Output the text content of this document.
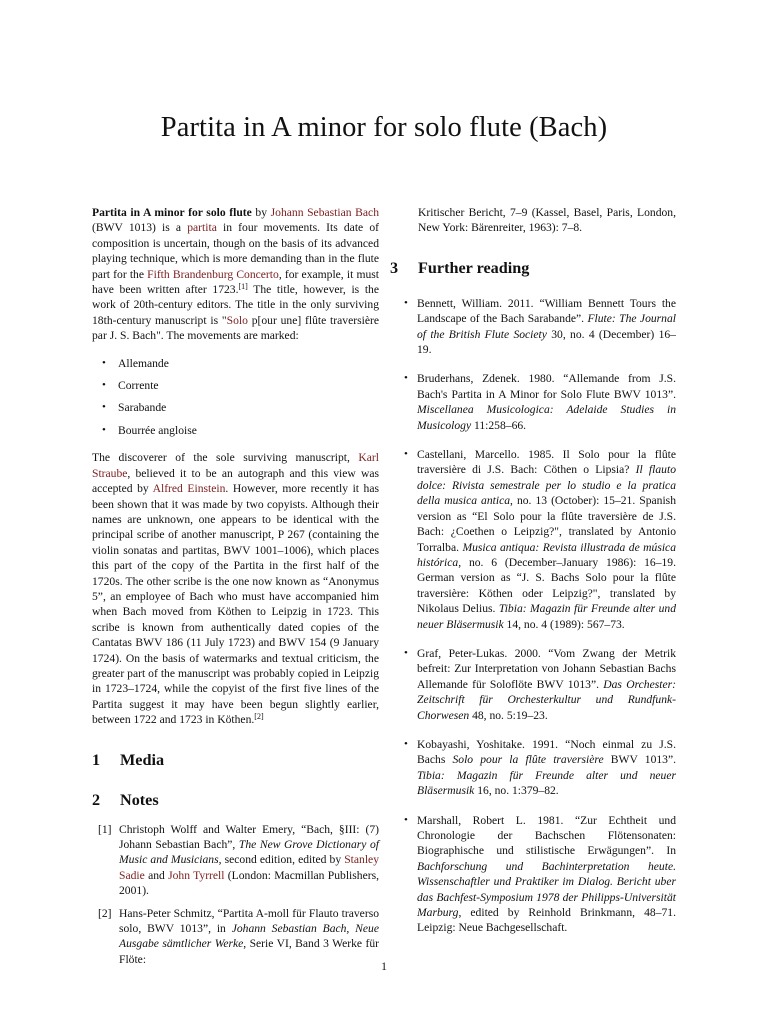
Partita in A minor for solo flute (Bach)

Partita in A minor for solo flute by Johann Sebastian Bach (BWV 1013) is a partita in four movements. Its date of composition is uncertain, though on the basis of its advanced playing technique, which is more demanding than in the flute part for the Fifth Brandenburg Concerto, for example, it must have been written after 1723.[1] The title, however, is the work of 20th-century editors. The title in the only surviving 18th-century manuscript is "Solo p[our une] flûte traversière par J. S. Bach". The movements are marked:

• Allemande
• Corrente
• Sarabande
• Bourrée angloise

The discoverer of the sole surviving manuscript, Karl Straube, believed it to be an autograph and this view was accepted by Alfred Einstein. However, more recently it has been shown that it was made by two copyists. Although their names are unknown, one appears to be identical with the principal scribe of another manuscript, P 267 (containing the violin sonatas and partitas, BWV 1001–1006), which places this part of the copy of the Partita in the first half of the 1720s. The other scribe is the one now known as “Anonymus 5”, an employee of Bach who must have accompanied him when Bach moved from Köthen to Leipzig in 1723. This scribe is known from authentically dated copies of the Cantatas BWV 186 (11 July 1723) and BWV 154 (9 January 1724). On the basis of watermarks and textual criticism, the greater part of the manuscript was probably copied in Leipzig in 1723–1724, while the copyist of the first five lines of the Partita suggest it may have been begun slightly earlier, between 1722 and 1723 in Köthen.[2]

1	Media
2	Notes
[1] Christoph Wolff and Walter Emery, “Bach, §III: (7) Johann Sebastian Bach”, The New Grove Dictionary of Music and Musicians, second edition, edited by Stanley Sadie and John Tyrrell (London: Macmillan Publishers, 2001).
[2] Hans-Peter Schmitz, “Partita A-moll für Flauto traverso solo, BWV 1013”, in Johann Sebastian Bach, Neue Ausgabe sämtlicher Werke, Serie VI, Band 3 Werke für Flöte:

Kritischer Bericht, 7–9 (Kassel, Basel, Paris, London, New York: Bärenreiter, 1963): 7–8.

3	Further reading
• Bennett, William. 2011. “William Bennett Tours the Landscape of the Bach Sarabande”. Flute: The Journal of the British Flute Society 30, no. 4 (December) 16–19.
• Bruderhans, Zdenek. 1980. “Allemande from J.S. Bach's Partita in A Minor for Solo Flute BWV 1013”. Miscellanea Musicologica: Adelaide Studies in Musicology 11:258–66.
• Castellani, Marcello. 1985. Il Solo pour la flûte traversière di J.S. Bach: Cöthen o Lipsia? Il flauto dolce: Rivista semestrale per lo studio e la pratica della musica antica, no. 13 (October): 15–21. Spanish version as “El Solo pour la flûte traversière de J.S. Bach: ¿Coethen o Leipzig?", translated by Antonio Torralba. Musica antiqua: Revista illustrada de música histórica, no. 6 (December–January 1986): 16–19. German version as “J. S. Bachs Solo pour la flûte traversière: Köthen oder Leipzig?", translated by Nikolaus Delius. Tibia: Magazin für Freunde alter und neuer Bläsermusik 14, no. 4 (1989): 567–73.
• Graf, Peter-Lukas. 2000. “Vom Zwang der Metrik befreit: Zur Interpretation von Johann Sebastian Bachs Allemande für Soloflöte BWV 1013”. Das Orchester: Zeitschrift für Orchesterkultur und Rundfunk-Chorwesen 48, no. 5:19–23.
• Kobayashi, Yoshitake. 1991. “Noch einmal zu J.S. Bachs Solo pour la flûte traversière BWV 1013”. Tibia: Magazin für Freunde alter und neuer Bläsermusik 16, no. 1:379–82.
• Marshall, Robert L. 1981. “Zur Echtheit und Chronologie der Bachschen Flötensonaten: Biographische und stilistische Erwägungen”. In Bachforschung und Bachinterpretation heute. Wissenschaftler und Praktiker im Dialog. Bericht uber das Bachfest-Symposium 1978 der Philipps-Universität Marburg, edited by Reinhold Brinkmann, 48–71. Leipzig: Neue Bachgesellschaft.
1
